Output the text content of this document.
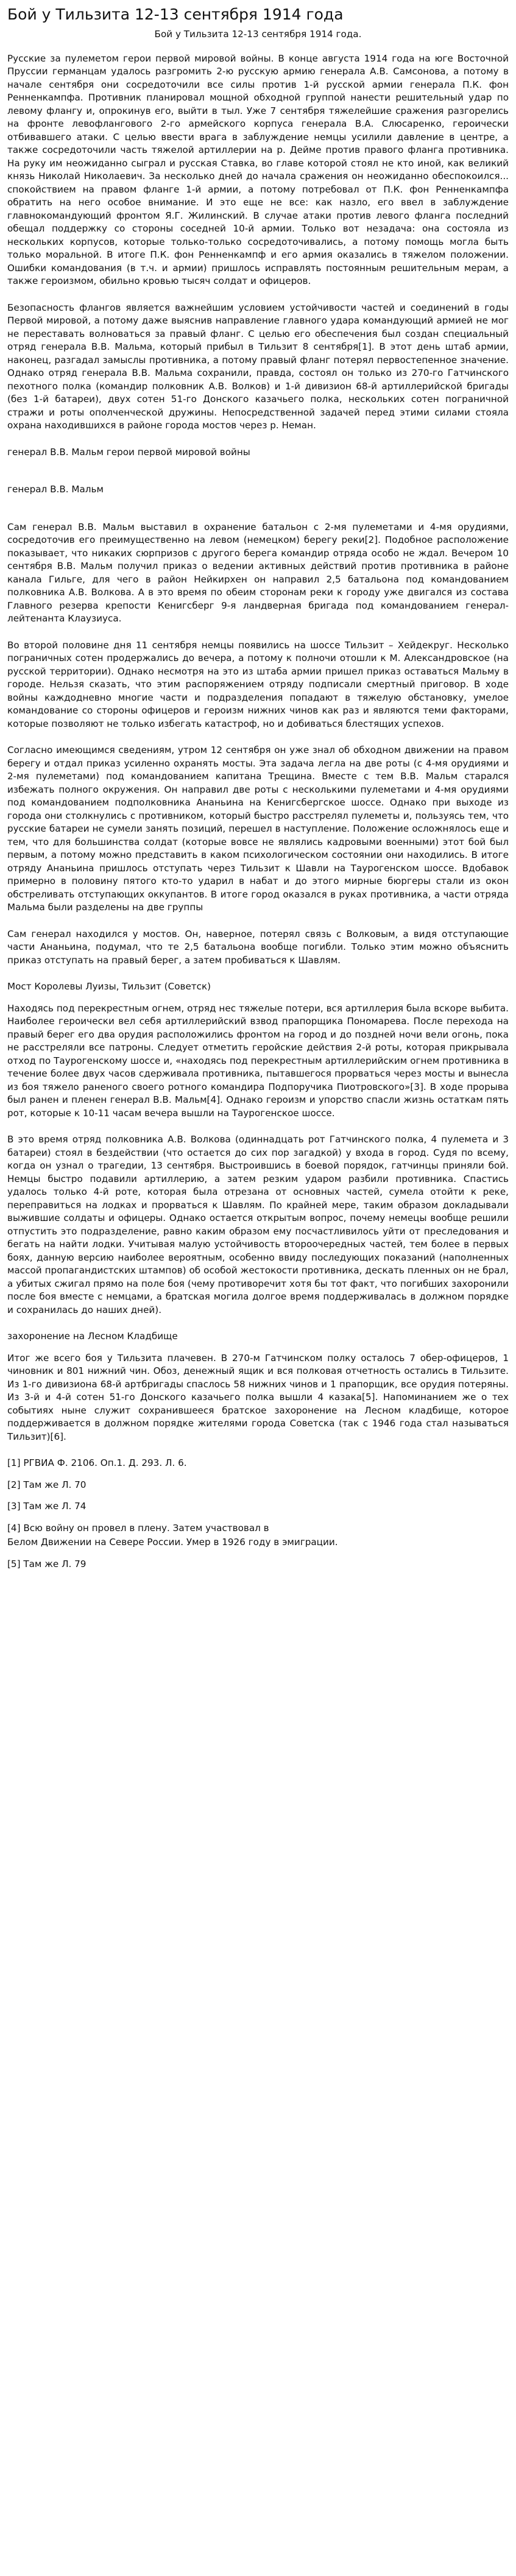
Бой у Тильзита 12-13 сентября 1914 года
Бой у Тильзита 12-13 сентября 1914 года.

Русские за пулеметом герои первой мировой войны. В конце августа 1914 года на юге Восточной Пруссии германцам удалось разгромить 2-ю русскую армию генерала А.В. Самсонова, а потому в начале сентября они сосредоточили все силы против 1-й русской армии генерала П.К. фон Ренненкампфа. Противник планировал мощной обходной группой нанести решительный удар по левому флангу и, опрокинув его, выйти в тыл. Уже 7 сентября тяжелейшие сражения разгорелись на фронте левофлангового 2-го армейского корпуса генерала В.А. Слюсаренко, героически отбивавшего атаки. С целью ввести врага в заблуждение немцы усилили давление в центре, а также сосредоточили часть тяжелой артиллерии на р. Дейме против правого фланга противника. На руку им неожиданно сыграл и русская Ставка, во главе которой стоял не кто иной, как великий князь Николай Николаевич. За несколько дней до начала сражения он неожиданно обеспокоился... спокойствием на правом фланге 1-й армии, а потому потребовал от П.К. фон Ренненкампфа обратить на него особое внимание. И это еще не все: как назло, его ввел в заблуждение главнокомандующий фронтом Я.Г. Жилинский. В случае атаки против левого фланга последний обещал поддержку со стороны соседней 10-й армии. Только вот незадача: она состояла из нескольких корпусов, которые только-только сосредоточивались, а потому помощь могла быть только моральной. В итоге П.К. фон Ренненкампф и его армия оказались в тяжелом положении. Ошибки командования (в т.ч. и армии) пришлось исправлять постоянным решительным мерам, а также героизмом, обильно кровью тысяч солдат и офицеров.

Безопасность флангов является важнейшим условием устойчивости частей и соединений в годы Первой мировой, а потому даже выяснив направление главного удара командующий армией не мог не переставать волноваться за правый фланг. С целью его обеспечения был создан специальный отряд генерала В.В. Мальма, который прибыл в Тильзит 8 сентября[1]. В этот день штаб армии, наконец, разгадал замыслы противника, а потому правый фланг потерял первостепенное значение. Однако отряд генерала В.В. Мальма сохранили, правда, состоял он только из 270-го Гатчинского пехотного полка (командир полковник А.В. Волков) и 1-й дивизион 68-й артиллерийской бригады (без 1-й батареи), двух сотен 51-го Донского казачьего полка, нескольких сотен пограничной стражи и роты ополченческой дружины. Непосредственной задачей перед этими силами стояла охрана находившихся в районе города мостов через р. Неман.

генерал В.В. Мальм герои первой мировой войны

генерал В.В. Мальм

Сам генерал В.В. Мальм выставил в охранение батальон с 2-мя пулеметами и 4-мя орудиями, сосредоточив его преимущественно на левом (немецком) берегу реки[2]. Подобное расположение показывает, что никаких сюрпризов с другого берега командир отряда особо не ждал. Вечером 10 сентября В.В. Мальм получил приказ о ведении активных действий против противника в районе канала Гильге, для чего в район Нейкирхен он направил 2,5 батальона под командованием полковника А.В. Волкова. А в это время по обеим сторонам реки к городу уже двигался из состава Главного резерва крепости Кенигсберг 9-я ландверная бригада под командованием генерал-лейтенанта Клаузиуса.

Во второй половине дня 11 сентября немцы появились на шоссе Тильзит – Хейдекруг. Несколько пограничных сотен продержались до вечера, а потому к полночи отошли к М. Александровское (на русской территории). Однако несмотря на это из штаба армии пришел приказ оставаться Мальму в городе. Нельзя сказать, что этим распоряжением отряду подписали смертный приговор. В ходе войны каждодневно многие части и подразделения попадают в тяжелую обстановку, умелое командование со стороны офицеров и героизм нижних чинов как раз и являются теми факторами, которые позволяют не только избегать катастроф, но и добиваться блестящих успехов.

Согласно имеющимся сведениям, утром 12 сентября он уже знал об обходном движении на правом берегу и отдал приказ усиленно охранять мосты. Эта задача легла на две роты (с 4-мя орудиями и 2-мя пулеметами) под командованием капитана Трещина. Вместе с тем В.В. Мальм старался избежать полного окружения. Он направил две роты с несколькими пулеметами и 4-мя орудиями под командованием подполковника Ананьина на Кенигсбергское шоссе. Однако при выходе из города они столкнулись с противником, который быстро расстрелял пулеметы и, пользуясь тем, что русские батареи не сумели занять позиций, перешел в наступление. Положение осложнялось еще и тем, что для большинства солдат (которые вовсе не являлись кадровыми военными) этот бой был первым, а потому можно представить в каком психологическом состоянии они находились. В итоге отряду Ананьина пришлось отступать через Тильзит к Шавли на Таурогенском шоссе. Вдобавок примерно в половину пятого кто-то ударил в набат и до этого мирные бюргеры стали из окон обстреливать отступающих оккупантов. В итоге город оказался в руках противника, а части отряда Мальма были разделены на две группы

Сам генерал находился у мостов. Он, наверное, потерял связь с Волковым, а видя отступающие части Ананьина, подумал, что те 2,5 батальона вообще погибли. Только этим можно объяснить приказ отступать на правый берег, а затем пробиваться к Шавлям.

Мост Королевы Луизы, Тильзит (Советск)

Находясь под перекрестным огнем, отряд нес тяжелые потери, вся артиллерия была вскоре выбита. Наиболее героически вел себя артиллерийский взвод прапорщика Пономарева. После перехода на правый берег его два орудия расположились фронтом на город и до поздней ночи вели огонь, пока не расстреляли все патроны. Следует отметить геройские действия 2-й роты, которая прикрывала отход по Таурогенскому шоссе и, «находясь под перекрестным артиллерийским огнем противника в течение более двух часов сдерживала противника, пытавшегося прорваться через мосты и вынесла из боя тяжело раненого своего ротного командира Подпоручика Пиотровского»[3]. В ходе прорыва был ранен и пленен генерал В.В. Мальм[4]. Однако героизм и упорство спасли жизнь остаткам пять рот, которые к 10-11 часам вечера вышли на Таурогенское шоссе.

В это время отряд полковника А.В. Волкова (одиннадцать рот Гатчинского полка, 4 пулемета и 3 батареи) стоял в бездействии (что остается до сих пор загадкой) у входа в город. Судя по всему, когда он узнал о трагедии, 13 сентября. Выстроившись в боевой порядок, гатчинцы приняли бой. Немцы быстро подавили артиллерию, а затем резким ударом разбили противника. Спастись удалось только 4-й роте, которая была отрезана от основных частей, сумела отойти к реке, переправиться на лодках и прорваться к Шавлям. По крайней мере, таким образом докладывали выжившие солдаты и офицеры. Однако остается открытым вопрос, почему немецы вообще решили отпустить это подразделение, равно каким образом ему посчастливилось уйти от преследования и бегать на найти лодки. Учитывая малую устойчивость второочередных частей, тем более в первых боях, данную версию наиболее вероятным, особенно ввиду последующих показаний (наполненных массой пропагандистских штампов) об особой жестокости противника, дескать пленных он не брал, а убитых сжигал прямо на поле боя (чему противоречит хотя бы тот факт, что погибших захоронили после боя вместе с немцами, а братская могила долгое время поддерживалась в должном порядке и сохранилась до наших дней).

захоронение на Лесном Кладбище

Итог же всего боя у Тильзита плачевен. В 270-м Гатчинском полку осталось 7 обер-офицеров, 1 чиновник и 801 нижний чин. Обоз, денежный ящик и вся полковая отчетность остались в Тильзите. Из 1-го дивизиона 68-й артбригады спаслось 58 нижних чинов и 1 прапорщик, все орудия потеряны. Из 3-й и 4-й сотен 51-го Донского казачьего полка вышли 4 казака[5]. Напоминанием же о тех событиях ныне служит сохранившееся братское захоронение на Лесном кладбище, которое поддерживается в должном порядке жителями города Советска (так с 1946 года стал называться Тильзит)[6].

[1] РГВИА Ф. 2106. Оп.1. Д. 293. Л. 6.

[2] Там же Л. 70

[3] Там же Л. 74

[4] Всю войну он провел в плену. Затем участвовал в

Белом Движении на Севере России. Умер в 1926 году в эмиграции.

[5] Там же Л. 79
